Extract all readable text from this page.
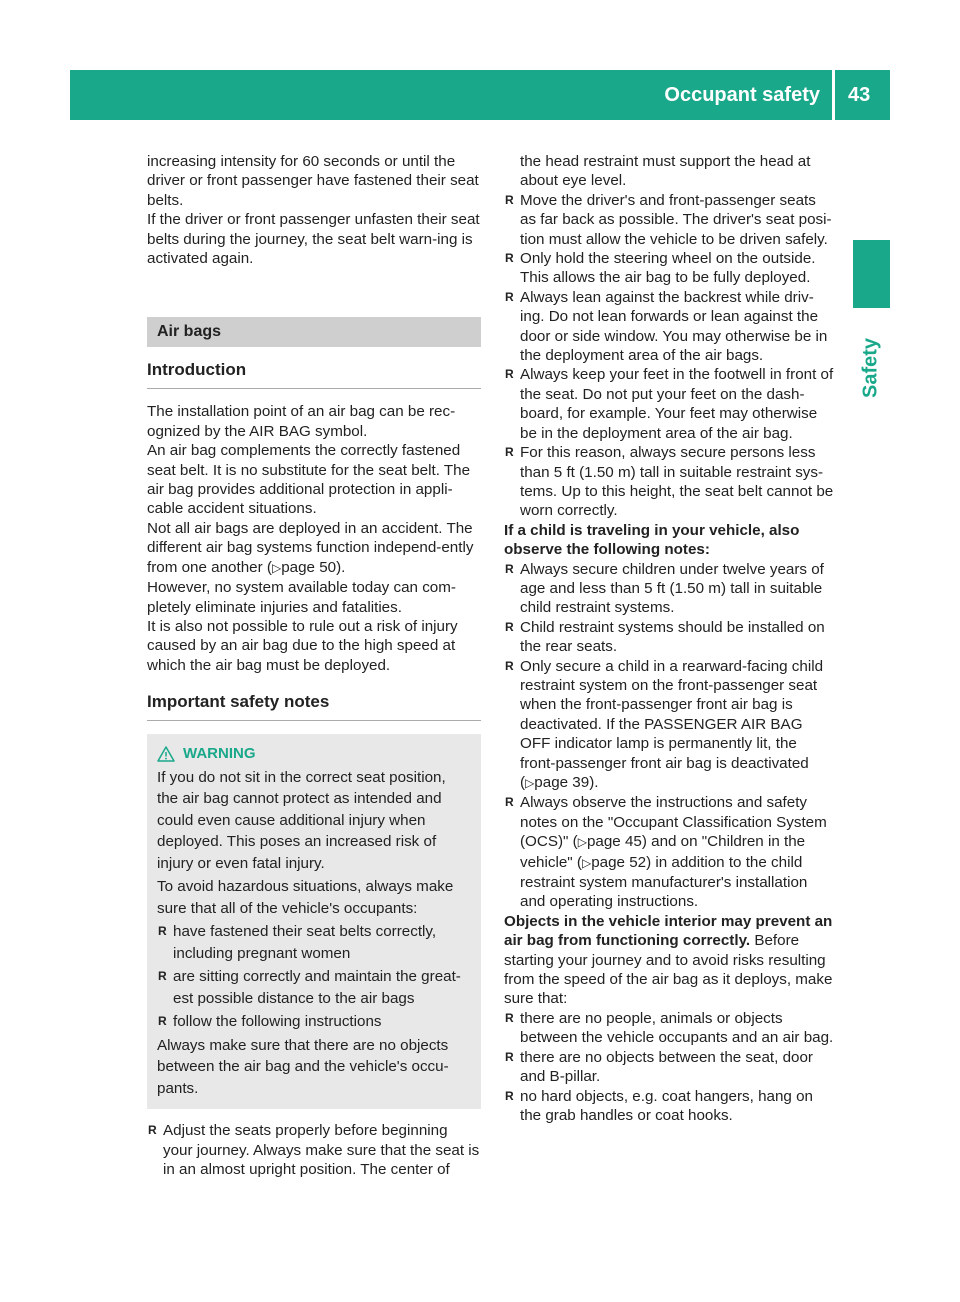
Occupant safety 43
Safety

increasing intensity for 60 seconds or until the driver or front passenger have fastened their seat belts.

If the driver or front passenger unfasten their seat belts during the journey, the seat belt warn-ing is activated again.

Air bags
Introduction

The installation point of an air bag can be rec-ognized by the AIR BAG symbol.

An air bag complements the correctly fastened seat belt. It is no substitute for the seat belt. The air bag provides additional protection in appli-cable accident situations.

Not all air bags are deployed in an accident. The different air bag systems function independ-ently from one another (▷page 50).

However, no system available today can com-pletely eliminate injuries and fatalities.

It is also not possible to rule out a risk of injury caused by an air bag due to the high speed at which the air bag must be deployed.

Important safety notes
WARNING

If you do not sit in the correct seat position, the air bag cannot protect as intended and could even cause additional injury when deployed. This poses an increased risk of injury or even fatal injury.

To avoid hazardous situations, always make sure that all of the vehicle's occupants:

R have fastened their seat belts correctly, including pregnant women
R are sitting correctly and maintain the great-est possible distance to the air bags
R follow the following instructions

Always make sure that there are no objects between the air bag and the vehicle's occu-pants.

R Adjust the seats properly before beginning your journey. Always make sure that the seat is in an almost upright position. The center of

the head restraint must support the head at about eye level.

R Move the driver's and front-passenger seats as far back as possible. The driver's seat posi-tion must allow the vehicle to be driven safely.
R Only hold the steering wheel on the outside. This allows the air bag to be fully deployed.
R Always lean against the backrest while driv-ing. Do not lean forwards or lean against the door or side window. You may otherwise be in the deployment area of the air bags.
R Always keep your feet in the footwell in front of the seat. Do not put your feet on the dash-board, for example. Your feet may otherwise be in the deployment area of the air bag.
R For this reason, always secure persons less than 5 ft (1.50 m) tall in suitable restraint sys-tems. Up to this height, the seat belt cannot be worn correctly.

If a child is traveling in your vehicle, also observe the following notes:

R Always secure children under twelve years of age and less than 5 ft (1.50 m) tall in suitable child restraint systems.
R Child restraint systems should be installed on the rear seats.
R Only secure a child in a rearward-facing child restraint system on the front-passenger seat when the front-passenger front air bag is deactivated. If the PASSENGER AIR BAG OFF indicator lamp is permanently lit, the front-passenger front air bag is deactivated (▷page 39).
R Always observe the instructions and safety notes on the "Occupant Classification System (OCS)" (▷page 45) and on "Children in the vehicle" (▷page 52) in addition to the child restraint system manufacturer's installation and operating instructions.

Objects in the vehicle interior may prevent an air bag from functioning correctly. Before starting your journey and to avoid risks resulting from the speed of the air bag as it deploys, make sure that:

R there are no people, animals or objects between the vehicle occupants and an air bag.
R there are no objects between the seat, door and B-pillar.
R no hard objects, e.g. coat hangers, hang on the grab handles or coat hooks.
